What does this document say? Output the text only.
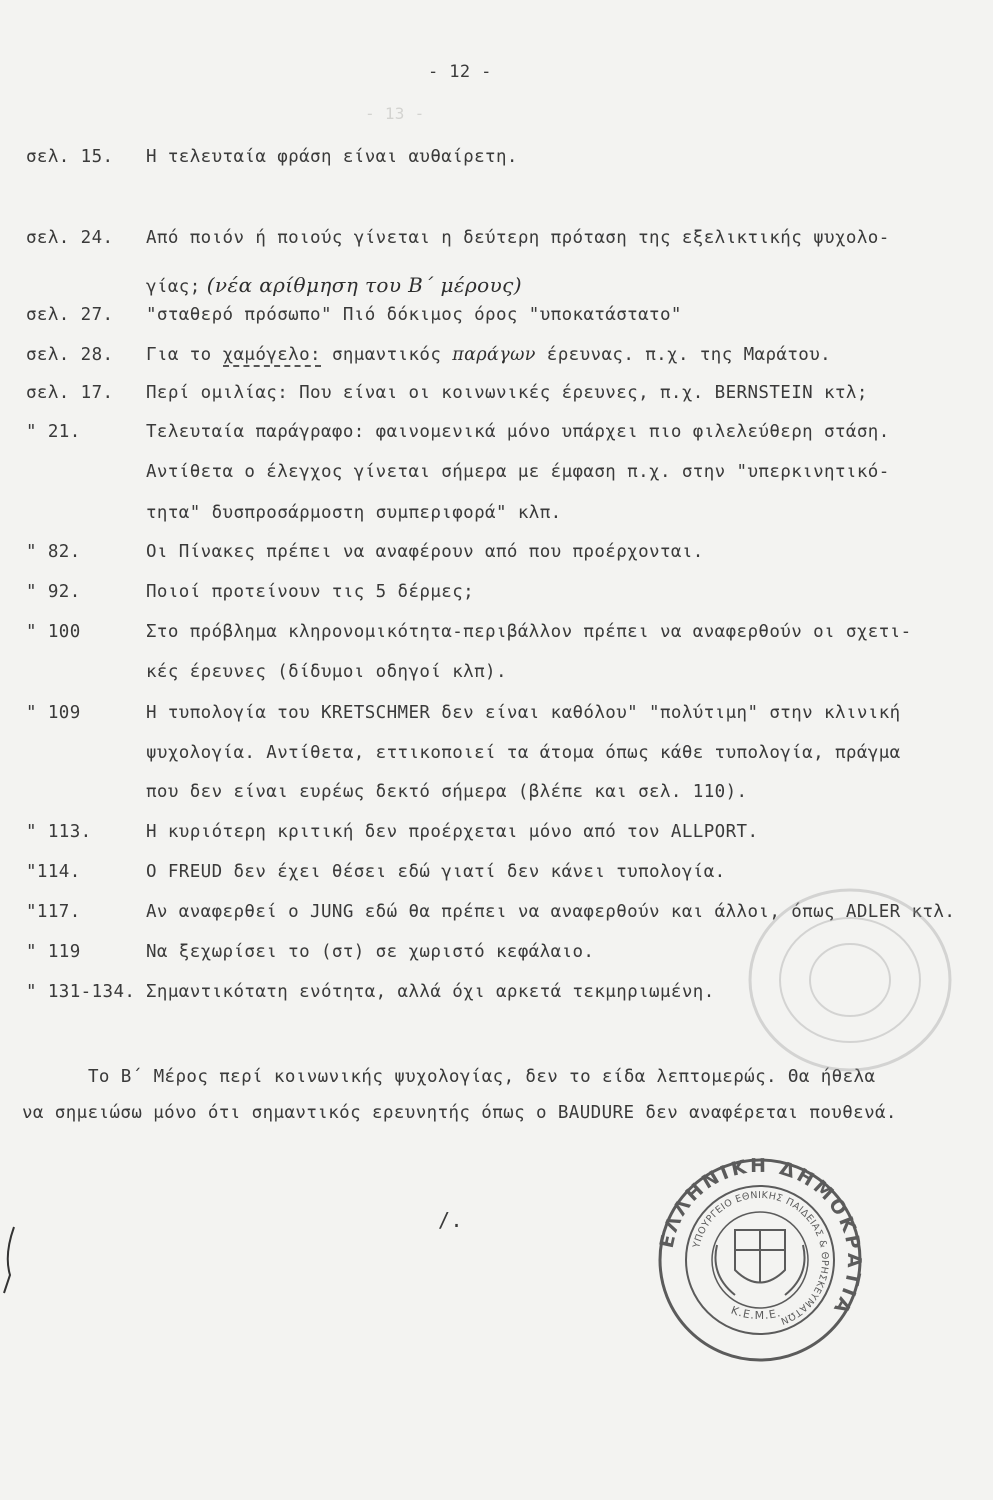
- 13 -
- 12 -
σελ. 15. Η τελευταία φράση είναι αυθαίρετη.
σελ. 24. Από ποιόν ή ποιούς γίνεται η δεύτερη πρόταση της εξελικτικής ψυχολο-
γίας; (νέα αρίθμηση του Β΄ μέρους)
σελ. 27. "σταθερό πρόσωπο" Πιό δόκιμος όρος "υποκατάστατο"
σελ. 28. Για το χαμόγελο: σημαντικός παράγων έρευνας. π.χ. της Μαράτου.
σελ. 17. Περί ομιλίας: Που είναι οι κοινωνικές έρευνες, π.χ. BERNSTEIN κτλ;
" 21.	Τελευταία παράγραφο: φαινομενικά μόνο υπάρχει πιο φιλελεύθερη στάση.
Αντίθετα ο έλεγχος γίνεται σήμερα με έμφαση π.χ. στην "υπερκινητικό-
τητα" δυσπροσάρμοστη συμπεριφορά" κλπ.
" 82.	Οι Πίνακες πρέπει να αναφέρουν από που προέρχονται.
" 92.	Ποιοί προτείνουν τις 5 δέρμες;
" 100	Στο πρόβλημα κληρονομικότητα-περιβάλλον πρέπει να αναφερθούν οι σχετι-
κές έρευνες (δίδυμοι οδηγοί κλπ).
" 109	Η τυπολογία του KRETSCHMER δεν είναι καθόλου" "πολύτιμη" στην κλινική
ψυχολογία. Αντίθετα, εττικοποιεί τα άτομα όπως κάθε τυπολογία, πράγμα
που δεν είναι ευρέως δεκτό σήμερα (βλέπε και σελ. 110).
" 113.	Η κυριότερη κριτική δεν προέρχεται μόνο από τον ALLPORT.
"114.	Ο FREUD δεν έχει θέσει εδώ γιατί δεν κάνει τυπολογία.
"117.	Αν αναφερθεί ο JUNG εδώ θα πρέπει να αναφερθούν και άλλοι, όπως ADLER κτλ.
" 119	Να ξεχωρίσει το (στ) σε χωριστό κεφάλαιο.
" 131-134. Σημαντικότατη ενότητα, αλλά όχι αρκετά τεκμηριωμένη.
Το Β΄ Μέρος περί κοινωνικής ψυχολογίας, δεν το είδα λεπτομερώς. Θα ήθελα
να σημειώσω μόνο ότι σημαντικός ερευνητής όπως ο BAUDURE δεν αναφέρεται πουθενά.
/.
ΕΛΛΗΝΙΚΗ ΔΗΜΟΚΡΑΤΙΑ
ΥΠΟΥΡΓΕΙΟ ΕΘΝΙΚΗΣ ΠΑΙΔΕΙΑΣ & ΘΡΗΣΚΕΥΜΑΤΩΝ
Κ.Ε.Μ.Ε.
